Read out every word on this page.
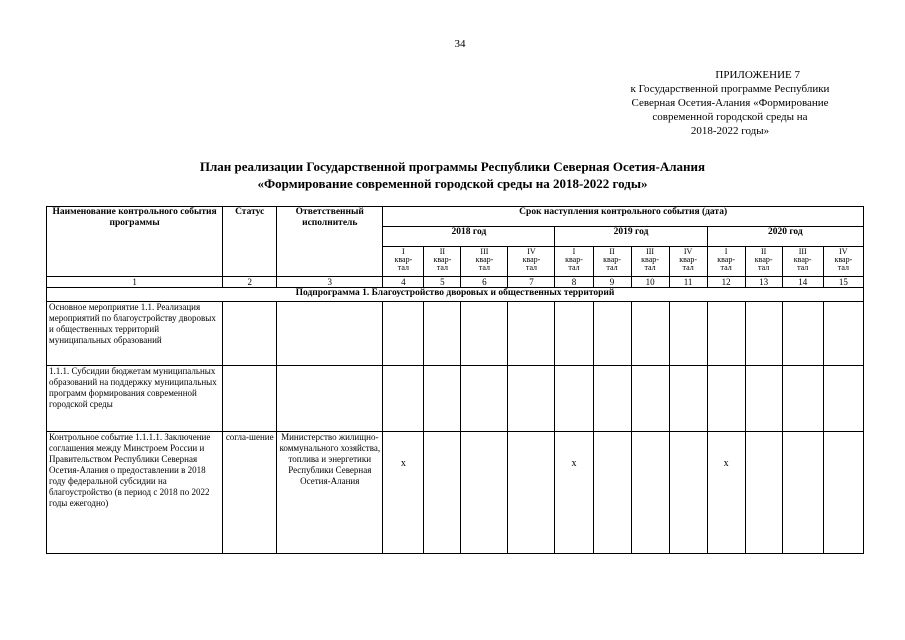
34
ПРИЛОЖЕНИЕ 7
к Государственной программе Республики
Северная Осетия-Алания «Формирование
современной городской среды на
2018-2022 годы»
План реализации Государственной программы Республики Северная Осетия-Алания
«Формирование современной городской среды на 2018-2022 годы»
Наименование контрольного события программы	Статус	Ответственный исполнитель	Срок наступления контрольного события (дата)											
			2018 год				2019 год				2020 год			
			I
квар-
тал	II
квар-
тал	III
квар-
тал	IV
квар-
тал	I
квар-
тал	II
квар-
тал	III
квар-
тал	IV
квар-
тал	I
квар-
тал	II
квар-
тал	III
квар-
тал	IV
квар-
тал
1	2	3	4	5	6	7	8	9	10	11	12	13	14	15
Подпрограмма 1. Благоустройство дворовых и общественных территорий														
Основное мероприятие 1.1. Реализация мероприятий по благоустройству дворовых и общественных территорий муниципальных образований														
1.1.1. Субсидии бюджетам муниципальных образований на поддержку муниципальных программ формирования современной городской среды														
Контрольное событие 1.1.1.1. Заключение соглашения между Минстроем России и Правительством Республики Северная Осетия-Алания о предоставлении в 2018 году федеральной субсидии на благоустройство (в период с 2018 по 2022 годы ежегодно)	согла-шение	Министерство жилищно-коммунального хозяйства, топлива и энергетики Республики Северная Осетия-Алания	x				x				x			
